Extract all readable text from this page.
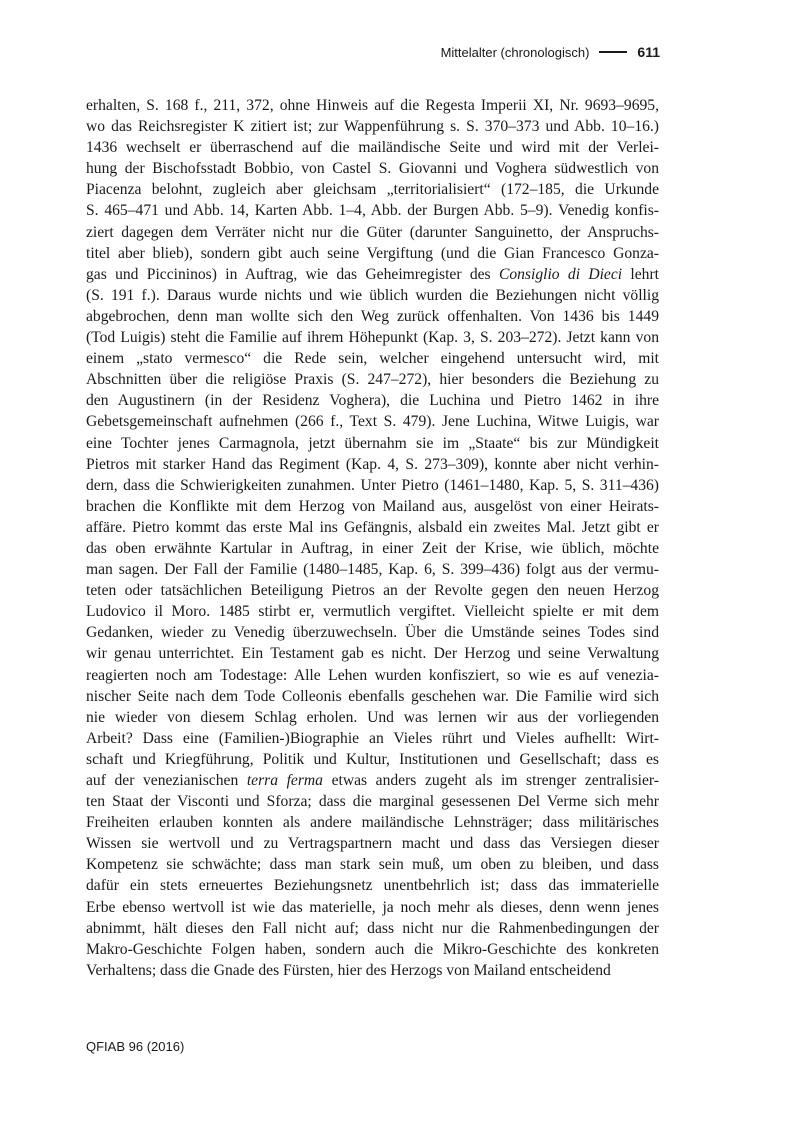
Mittelalter (chronologisch)	611
erhalten, S. 168 f., 211, 372, ohne Hinweis auf die Regesta Imperii XI, Nr. 9693–9695,
wo das Reichsregister K zitiert ist; zur Wappenführung s. S. 370–373 und Abb. 10–16.)
1436 wechselt er überraschend auf die mailändische Seite und wird mit der Verlei-
hung der Bischofsstadt Bobbio, von Castel S. Giovanni und Voghera südwestlich von
Piacenza belohnt, zugleich aber gleichsam „territorialisiert“ (172–185, die Urkunde
S. 465–471 und Abb. 14, Karten Abb. 1–4, Abb. der Burgen Abb. 5–9). Venedig konfis-
ziert dagegen dem Verräter nicht nur die Güter (darunter Sanguinetto, der Anspruchs-
titel aber blieb), sondern gibt auch seine Vergiftung (und die Gian Francesco Gonza-
gas und Piccininos) in Auftrag, wie das Geheimregister des Consiglio di Dieci lehrt
(S. 191 f.). Daraus wurde nichts und wie üblich wurden die Beziehungen nicht völlig
abgebrochen, denn man wollte sich den Weg zurück offenhalten. Von 1436 bis 1449
(Tod Luigis) steht die Familie auf ihrem Höhepunkt (Kap. 3, S. 203–272). Jetzt kann von
einem „stato vermesco“ die Rede sein, welcher eingehend untersucht wird, mit
Abschnitten über die religiöse Praxis (S. 247–272), hier besonders die Beziehung zu
den Augustinern (in der Residenz Voghera), die Luchina und Pietro 1462 in ihre
Gebetsgemeinschaft aufnehmen (266 f., Text S. 479). Jene Luchina, Witwe Luigis, war
eine Tochter jenes Carmagnola, jetzt übernahm sie im „Staate“ bis zur Mündigkeit
Pietros mit starker Hand das Regiment (Kap. 4, S. 273–309), konnte aber nicht verhin-
dern, dass die Schwierigkeiten zunahmen. Unter Pietro (1461–1480, Kap. 5, S. 311–436)
brachen die Konflikte mit dem Herzog von Mailand aus, ausgelöst von einer Heirats-
affäre. Pietro kommt das erste Mal ins Gefängnis, alsbald ein zweites Mal. Jetzt gibt er
das oben erwähnte Kartular in Auftrag, in einer Zeit der Krise, wie üblich, möchte
man sagen. Der Fall der Familie (1480–1485, Kap. 6, S. 399–436) folgt aus der vermu-
teten oder tatsächlichen Beteiligung Pietros an der Revolte gegen den neuen Herzog
Ludovico il Moro. 1485 stirbt er, vermutlich vergiftet. Vielleicht spielte er mit dem
Gedanken, wieder zu Venedig überzuwechseln. Über die Umstände seines Todes sind
wir genau unterrichtet. Ein Testament gab es nicht. Der Herzog und seine Verwaltung
reagierten noch am Todestage: Alle Lehen wurden konfisziert, so wie es auf venezia-
nischer Seite nach dem Tode Colleonis ebenfalls geschehen war. Die Familie wird sich
nie wieder von diesem Schlag erholen. Und was lernen wir aus der vorliegenden
Arbeit? Dass eine (Familien-)Biographie an Vieles rührt und Vieles aufhellt: Wirt-
schaft und Kriegführung, Politik und Kultur, Institutionen und Gesellschaft; dass es
auf der venezianischen terra ferma etwas anders zugeht als im strenger zentralisier-
ten Staat der Visconti und Sforza; dass die marginal gesessenen Del Verme sich mehr
Freiheiten erlauben konnten als andere mailändische Lehnsträger; dass militärisches
Wissen sie wertvoll und zu Vertragspartnern macht und dass das Versiegen dieser
Kompetenz sie schwächte; dass man stark sein muß, um oben zu bleiben, und dass
dafür ein stets erneuertes Beziehungsnetz unentbehrlich ist; dass das immaterielle
Erbe ebenso wertvoll ist wie das materielle, ja noch mehr als dieses, denn wenn jenes
abnimmt, hält dieses den Fall nicht auf; dass nicht nur die Rahmenbedingungen der
Makro-Geschichte Folgen haben, sondern auch die Mikro-Geschichte des konkreten
Verhaltens; dass die Gnade des Fürsten, hier des Herzogs von Mailand entscheidend
QFIAB 96 (2016)
